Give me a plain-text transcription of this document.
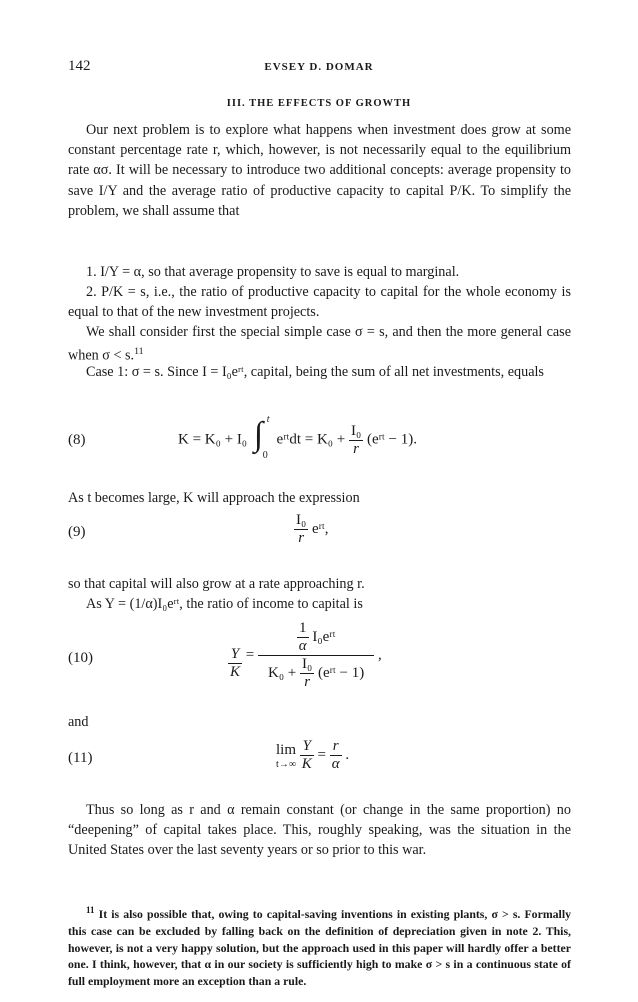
142	EVSEY D. DOMAR
III. THE EFFECTS OF GROWTH
Our next problem is to explore what happens when investment does grow at some constant percentage rate r, which, however, is not necessarily equal to the equilibrium rate ασ. It will be necessary to introduce two additional concepts: average propensity to save I/Y and the average ratio of productive capacity to capital P/K. To simplify the problem, we shall assume that
1. I/Y = α, so that average propensity to save is equal to marginal.
2. P/K = s, i.e., the ratio of productive capacity to capital for the whole economy is equal to that of the new investment projects.
We shall consider first the special simple case σ = s, and then the more general case when σ < s.$^{11}$
Case 1: σ = s. Since I = I₀eʳᵗ, capital, being the sum of all net investments, equals
(8)	K = K₀ + I₀ ∫ t
0
eʳᵗdt = $K_0 + \frac{\text{I₀}}{r}$ (eʳᵗ − 1).
As t becomes large, K will approach the expression
(9)	$\frac{\text{I₀}}{r}$ eʳᵗ,
so that capital will also grow at a rate approaching r.
As Y = (1/α)I₀eʳᵗ, the ratio of income to capital is
(10)	$\frac{Y}{K}$ =	$\frac{1}{\alpha}$ I₀eʳᵗ
$K_0 + \frac{\text{I₀}}{r}$ (eʳᵗ − 1)
,
and
(11)
lim
t→∞
$\frac{Y}{K} = \frac{r}{\alpha}$ .
Thus so long as r and α remain constant (or change in the same proportion) no “deepening” of capital takes place. This, roughly speaking, was the situation in the United States over the last seventy years or so prior to this war.
$^{11}$ It is also possible that, owing to capital-saving inventions in existing plants, σ > s. Formally this case can be excluded by falling back on the definition of depreciation given in note 2. This, however, is not a very happy solution, but the approach used in this paper will hardly offer a better one. I think, however, that α in our society is sufficiently high to make σ > s in a continuous state of full employment more an exception than a rule.
